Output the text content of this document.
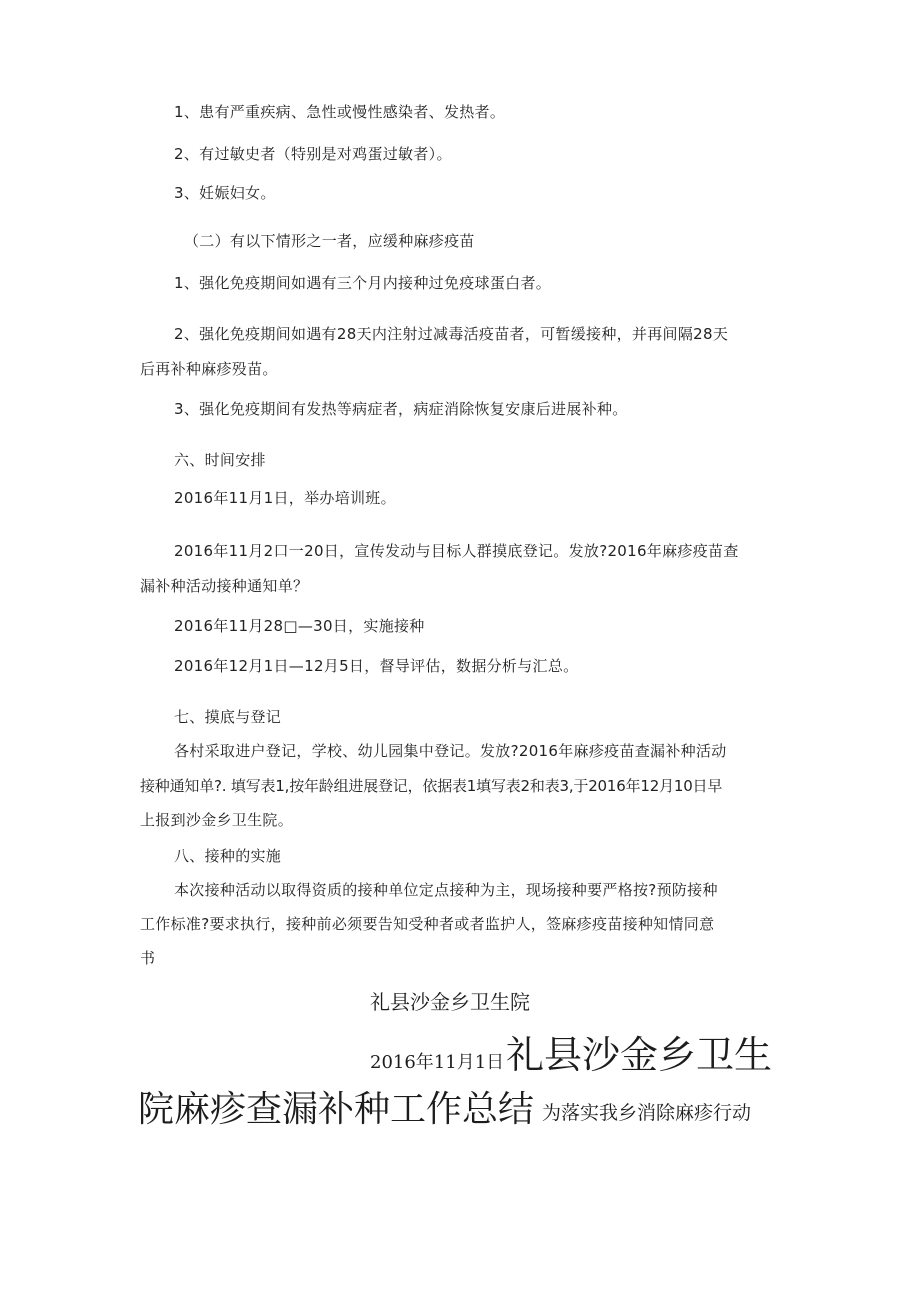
1、患有严重疾病、急性或慢性感染者、发热者。
2、有过敏史者（特别是对鸡蛋过敏者）。
3、妊娠妇女。
（二）有以下情形之一者，应缓种麻疹疫苗
1、强化免疫期间如遇有三个月内接种过免疫球蛋白者。
2、强化免疫期间如遇有28天内注射过减毒活疫苗者，可暂缓接种，并再间隔28天
后再补种麻疹殁苗。
3、强化免疫期间有发热等病症者，病症消除恢复安康后进展补种。
六、时间安排
2016年11月1日，举办培训班。
2016年11月2口一20日，宣传发动与目标人群摸底登记。发放?2016年麻疹疫苗查
漏补种活动接种通知单？
2016年11月28□—30日，实施接种
2016年12月1日—12月5日，督导评估，数据分析与汇总。
七、摸底与登记
各村采取进户登记，学校、幼儿园集中登记。发放?2016年麻疹疫苗查漏补种活动
接种通知单?. 填写表1,按年龄组进展登记，依据表1填写表2和表3,于2016年12月10日早
上报到沙金乡卫生院。
八、接种的实施
本次接种活动以取得资质的接种单位定点接种为主，现场接种要严格按?预防接种
工作标准?要求执行，接种前必须要告知受种者或者监护人，签麻疹疫苗接种知情同意
书
礼县沙金乡卫生院
2016年11月1日 礼县沙金乡卫生
院麻疹查漏补种工作总结 为落实我乡消除麻疹行动
